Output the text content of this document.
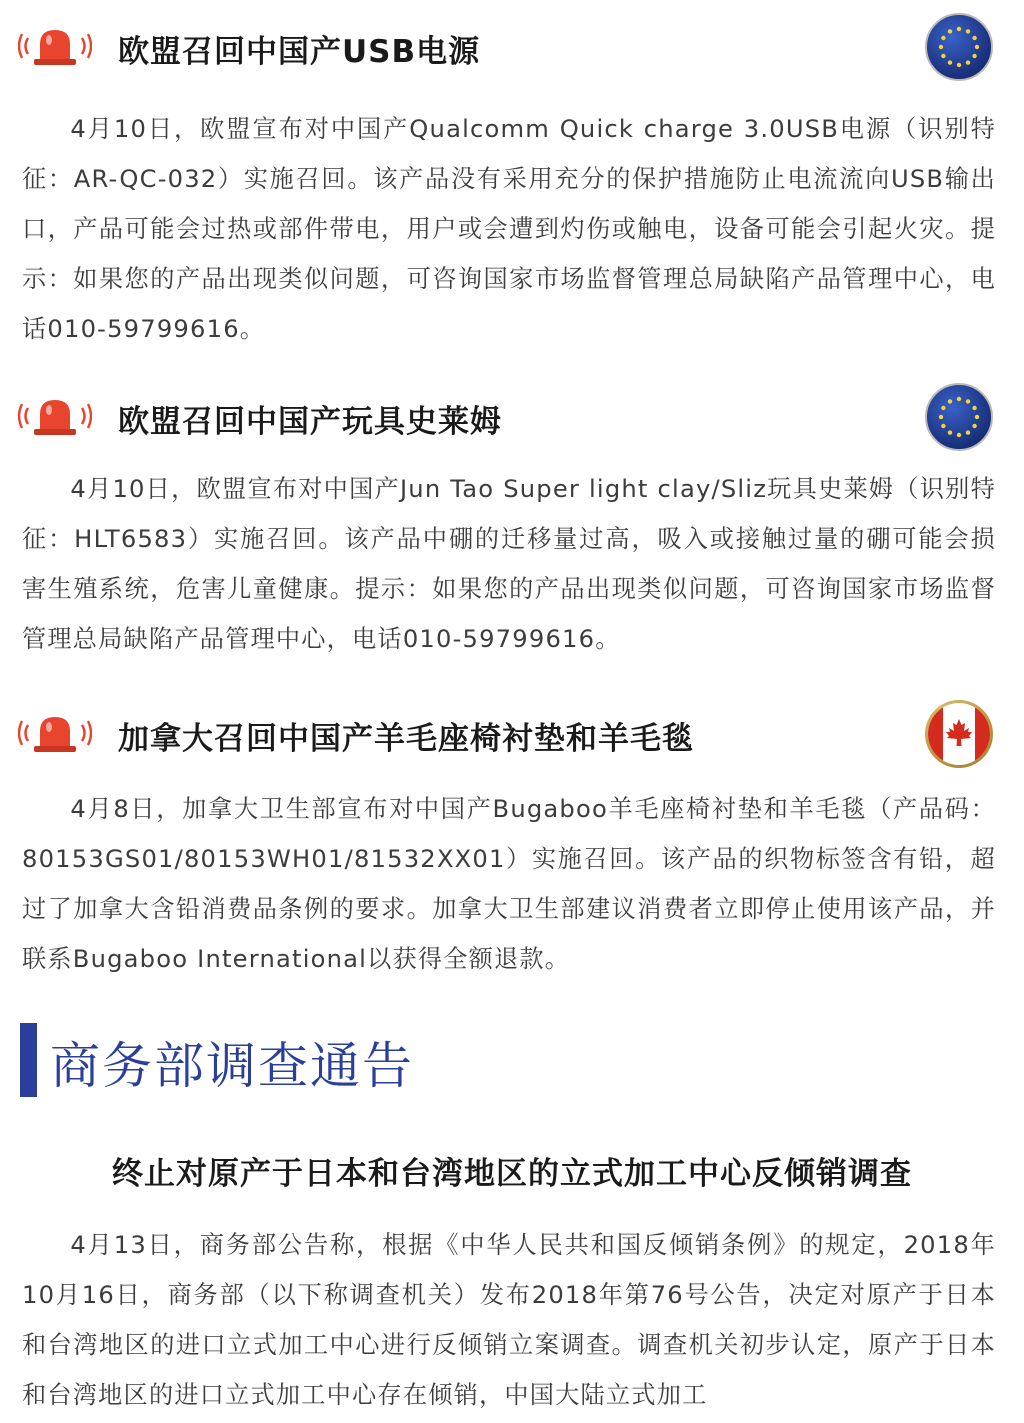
欧盟召回中国产USB电源

4月10日，欧盟宣布对中国产Qualcomm Quick charge 3.0USB电源（识别特征：AR-QC-032）实施召回。该产品没有采用充分的保护措施防止电流流向USB输出口，产品可能会过热或部件带电，用户或会遭到灼伤或触电，设备可能会引起火灾。提示：如果您的产品出现类似问题，可咨询国家市场监督管理总局缺陷产品管理中心，电话010-59799616。

欧盟召回中国产玩具史莱姆

4月10日，欧盟宣布对中国产Jun Tao Super light clay/Sliz玩具史莱姆（识别特征：HLT6583）实施召回。该产品中硼的迁移量过高，吸入或接触过量的硼可能会损害生殖系统，危害儿童健康。提示：如果您的产品出现类似问题，可咨询国家市场监督管理总局缺陷产品管理中心，电话010-59799616。

加拿大召回中国产羊毛座椅衬垫和羊毛毯

4月8日，加拿大卫生部宣布对中国产Bugaboo羊毛座椅衬垫和羊毛毯（产品码：80153GS01/80153WH01/81532XX01）实施召回。该产品的织物标签含有铅，超过了加拿大含铅消费品条例的要求。加拿大卫生部建议消费者立即停止使用该产品，并联系Bugaboo International以获得全额退款。

商务部调查通告
终止对原产于日本和台湾地区的立式加工中心反倾销调查

4月13日，商务部公告称，根据《中华人民共和国反倾销条例》的规定，2018年10月16日，商务部（以下称调查机关）发布2018年第76号公告，决定对原产于日本和台湾地区的进口立式加工中心进行反倾销立案调查。调查机关初步认定，原产于日本和台湾地区的进口立式加工中心存在倾销，中国大陆立式加工
